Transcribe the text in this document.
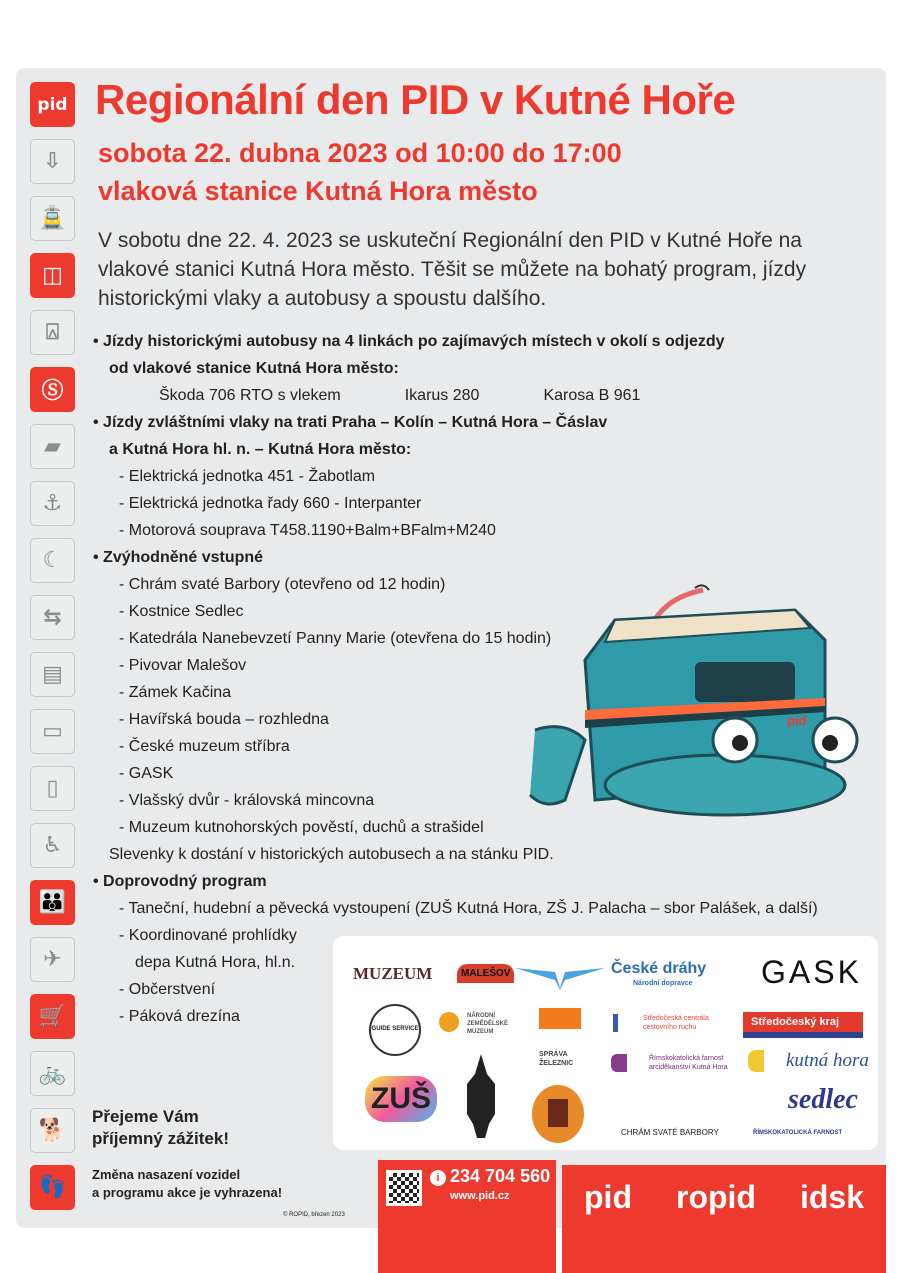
pid
⇩
🚊
◫
⍓
Ⓢ
▰
⚓
☾
⇆
▤
▭
▯
♿
👪
✈
🛒
🚲
🐕
👣
Regionální den PID v Kutné Hoře
sobota 22. dubna 2023 od 10:00 do 17:00
vlaková stanice Kutná Hora město
V sobotu dne 22. 4. 2023 se uskuteční Regionální den PID v Kutné Hoře na vlakové stanici Kutná Hora město. Těšit se můžete na bohatý program, jízdy historickými vlaky a autobusy a spoustu dalšího.
• Jízdy historickými autobusy na 4 linkách po zajímavých místech v okolí s odjezdy
od vlakové stanice Kutná Hora město:
Škoda 706 RTO s vlekem	Ikarus 280	Karosa B 961
• Jízdy zvláštními vlaky na trati Praha – Kolín – Kutná Hora – Čáslav
a Kutná Hora hl. n. – Kutná Hora město:
- Elektrická jednotka 451 - Žabotlam
- Elektrická jednotka řady 660 - Interpanter
- Motorová souprava T458.1190+Balm+BFalm+M240
• Zvýhodněné vstupné
- Chrám svaté Barbory (otevřeno od 12 hodin)
- Kostnice Sedlec
- Katedrála Nanebevzetí Panny Marie (otevřena do 15 hodin)
- Pivovar Malešov
- Zámek Kačina
- Havířská bouda – rozhledna
- České muzeum stříbra
- GASK
- Vlašský dvůr - královská mincovna
- Muzeum kutnohorských pověstí, duchů a strašidel
Slevenky k dostání v historických autobusech a na stánku PID.
• Doprovodný program
- Taneční, hudební a pěvecká vystoupení (ZUŠ Kutná Hora, ZŠ J. Palacha – sbor Palášek, a další)
- Koordinované prohlídky
depa Kutná Hora, hl.n.
- Občerstvení
- Páková drezína
pid
MUZEUM	MALEŠOV	České dráhy
Národní dopravce GASK
GUIDE SERVICE
NÁRODNÍ ZEMĚDĚLSKÉ MUZEUM
SPRÁVA ŽELEZNIC
Středočeská centrála cestovního ruchu	Středočeský kraj
Římskokatolická farnost arciděkanství Kutná Hora	kutná hora
ZUŠ
CHRÁM SVATÉ BARBORY
sedlec
ŘÍMSKOKATOLICKÁ FARNOST
Přejeme Vám
příjemný zážitek!
Změna nasazení vozidel
a programu akce je vyhrazena!
© ROPID, březen 2023
i 234 704 560
www.pid.cz pid ropid idsk
